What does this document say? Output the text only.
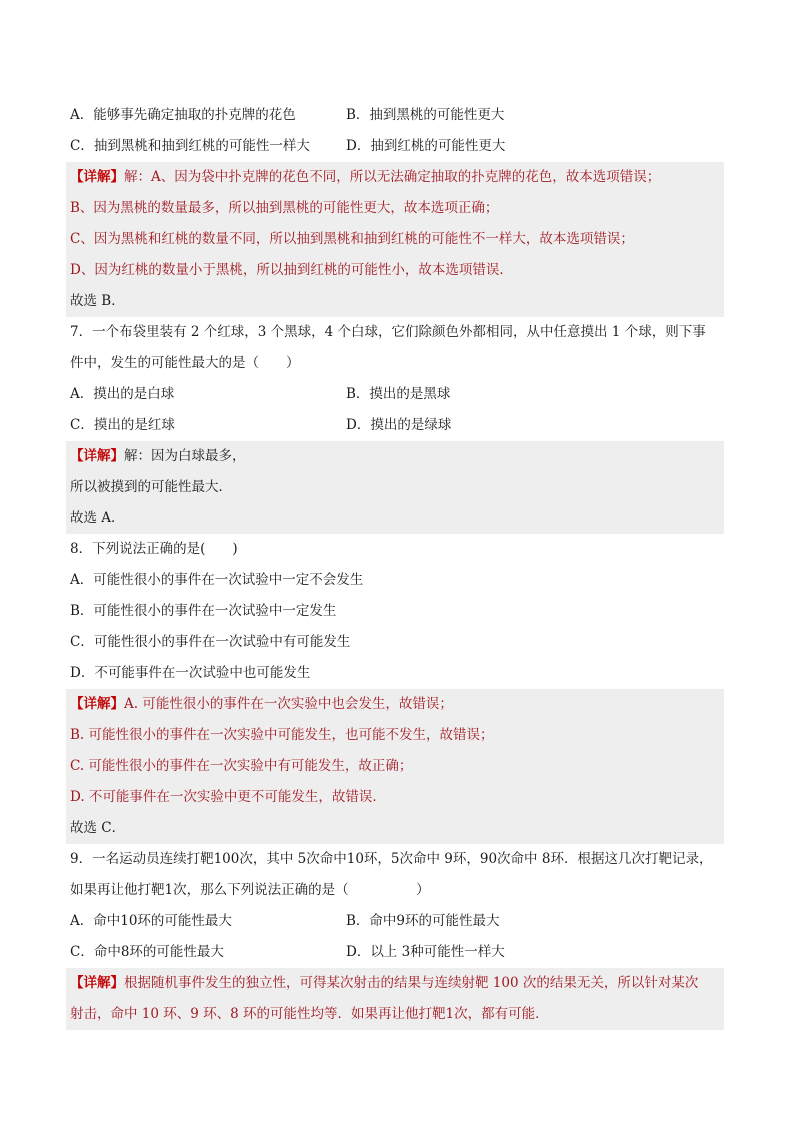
A．能够事先确定抽取的扑克牌的花色	B．抽到黑桃的可能性更大
C．抽到黑桃和抽到红桃的可能性一样大	D．抽到红桃的可能性更大
【详解】解：A、因为袋中扑克牌的花色不同，所以无法确定抽取的扑克牌的花色，故本选项错误；
B、因为黑桃的数量最多，所以抽到黑桃的可能性更大，故本选项正确；
C、因为黑桃和红桃的数量不同，所以抽到黑桃和抽到红桃的可能性不一样大，故本选项错误；
D、因为红桃的数量小于黑桃，所以抽到红桃的可能性小，故本选项错误．
故选 B．
7．一个布袋里装有 2 个红球，3 个黑球，4 个白球，它们除颜色外都相同，从中任意摸出 1 个球，则下事
件中，发生的可能性最大的是（　　）
A．摸出的是白球	B．摸出的是黑球
C．摸出的是红球	D．摸出的是绿球
【详解】解：因为白球最多，
所以被摸到的可能性最大．
故选 A．
8．下列说法正确的是(　　)
A．可能性很小的事件在一次试验中一定不会发生
B．可能性很小的事件在一次试验中一定发生
C．可能性很小的事件在一次试验中有可能发生
D．不可能事件在一次试验中也可能发生
【详解】A. 可能性很小的事件在一次实验中也会发生，故错误；
B. 可能性很小的事件在一次实验中可能发生，也可能不发生，故错误；
C. 可能性很小的事件在一次实验中有可能发生，故正确；
D. 不可能事件在一次实验中更不可能发生，故错误．
故选 C．
9．一名运动员连续打靶100次，其中 5次命中10环，5次命中 9环，90次命中 8环．根据这几次打靶记录，
如果再让他打靶1次，那么下列说法正确的是（　　　　　）
A．命中10环的可能性最大	B．命中9环的可能性最大
C．命中8环的可能性最大	D．以上 3种可能性一样大
【详解】根据随机事件发生的独立性，可得某次射击的结果与连续射靶 100 次的结果无关，所以针对某次
射击，命中 10 环、9 环、8 环的可能性均等．如果再让他打靶1次，都有可能．
